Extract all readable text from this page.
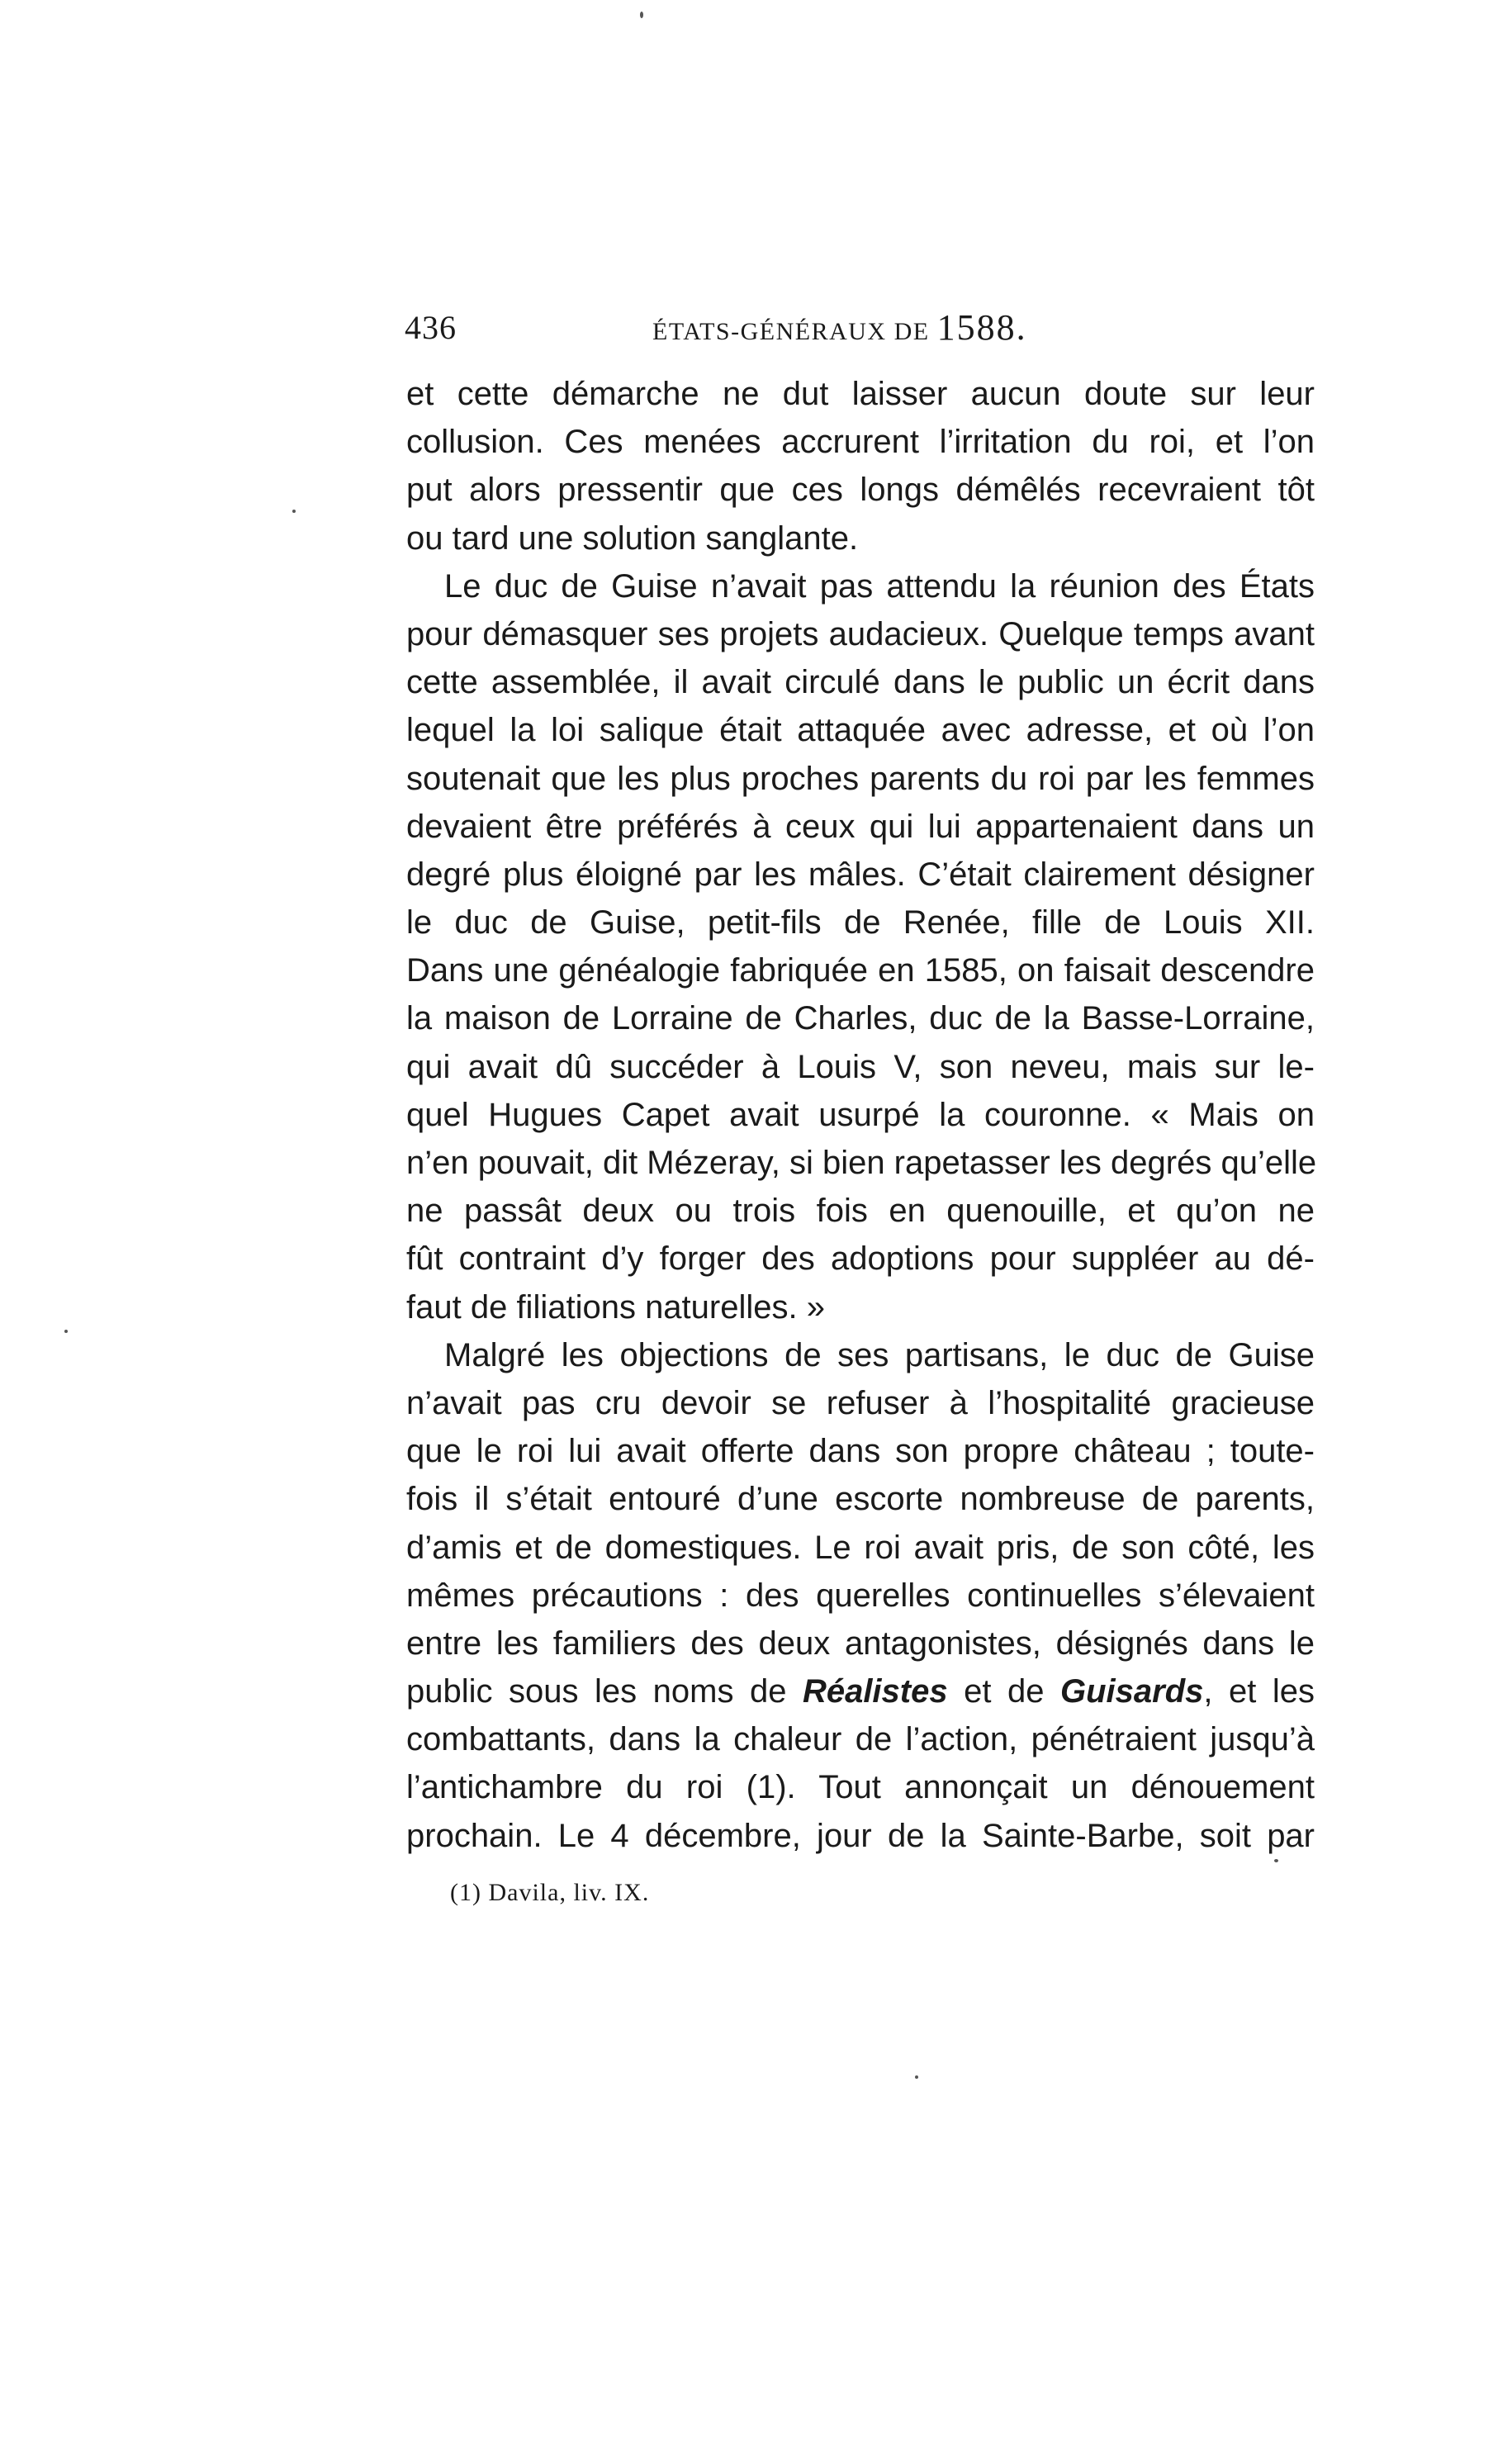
436	ÉTATS-GÉNÉRAUX DE 1588.
et cette démarche ne dut laisser aucun doute sur leur
collusion. Ces menées accrurent l’irritation du roi, et l’on
put alors pressentir que ces longs démêlés recevraient tôt
ou tard une solution sanglante.
Le duc de Guise n’avait pas attendu la réunion des États
pour démasquer ses projets audacieux. Quelque temps avant
cette assemblée, il avait circulé dans le public un écrit dans
lequel la loi salique était attaquée avec adresse, et où l’on
soutenait que les plus proches parents du roi par les femmes
devaient être préférés à ceux qui lui appartenaient dans un
degré plus éloigné par les mâles. C’était clairement désigner
le duc de Guise, petit-fils de Renée, fille de Louis XII.
Dans une généalogie fabriquée en 1585, on faisait descendre
la maison de Lorraine de Charles, duc de la Basse-Lorraine,
qui avait dû succéder à Louis V, son neveu, mais sur le-
quel Hugues Capet avait usurpé la couronne. « Mais on
n’en pouvait, dit Mézeray, si bien rapetasser les degrés qu’elle
ne passât deux ou trois fois en quenouille, et qu’on ne
fût contraint d’y forger des adoptions pour suppléer au dé-
faut de filiations naturelles. »
Malgré les objections de ses partisans, le duc de Guise
n’avait pas cru devoir se refuser à l’hospitalité gracieuse
que le roi lui avait offerte dans son propre château ; toute-
fois il s’était entouré d’une escorte nombreuse de parents,
d’amis et de domestiques. Le roi avait pris, de son côté, les
mêmes précautions : des querelles continuelles s’élevaient
entre les familiers des deux antagonistes, désignés dans le
public sous les noms de Réalistes et de Guisards, et les
combattants, dans la chaleur de l’action, pénétraient jusqu’à
l’antichambre du roi (1). Tout annonçait un dénouement
prochain. Le 4 décembre, jour de la Sainte-Barbe, soit par
(1) Davila, liv. IX.
